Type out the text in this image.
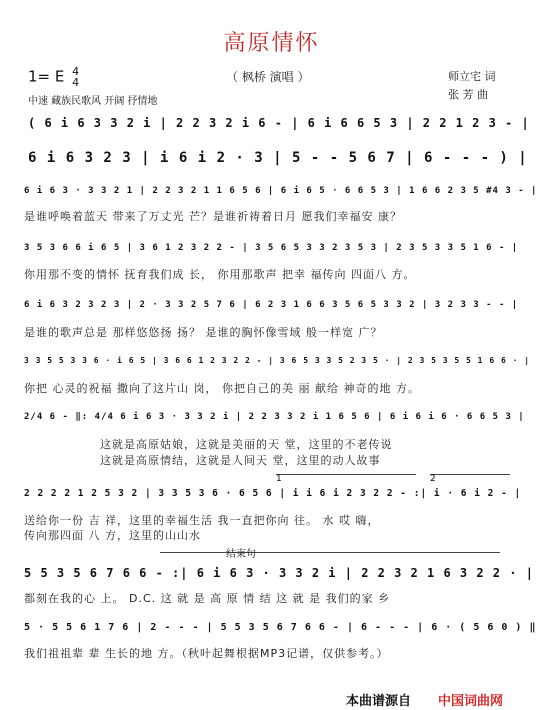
高原情怀
（ 枫桥 演唱 ）
1= E 4
4
中速 藏族民歌风 开阔 抒情地
师立宅 词
张 芳 曲
( 6 i 6 3 3 2 i | 2 2 3 2 i 6 - | 6 i 6 6 5 3 | 2 2 1 2 3 - |
6 i 6 3 2 3 | i 6 i 2 · 3 | 5 - - 5 6 7 | 6 - - - ) |
6 i 6 3 · 3 3 2 1 | 2 2 3 2 1 1 6 5 6 | 6 i 6 5 · 6 6 5 3 | 1 6 6 2 3 5 #4 3 - |
是谁呼唤着蓝天 带来了万丈光 芒？是谁祈祷着日月 愿我们幸福安 康？
3 5 3 6 6 i 6 5 | 3 6 1 2 3 2 2 - | 3 5 6 5 3 3 2 3 5 3 | 2 3 5 3 3 5 1 6 - |
你用那不变的情怀 抚育我们成 长， 你用那歌声 把幸 福传向 四面八 方。
6 i 6 3 2 3 2 3 | 2 · 3 3 2 5 7 6 | 6 2 3 1 6 6 3 5 6 5 3 3 2 | 3 2 3 3 - - |
是谁的歌声总是 那样悠悠扬 扬？ 是谁的胸怀像雪域 般一样宽 广？
3 3 5 5 3 3 6 · i 6 5 | 3 6 6 1 2 3 2 2 - | 3 6 5 3 3 5 2 3 5 · | 2 3 5 3 5 5 1 6 6 · |
你把 心灵的祝福 撒向了这片山 岗， 你把自己的美 丽 献给 神奇的地 方。
2/4 6 - ‖: 4/4 6 i 6 3 · 3 3 2 i | 2 2 3 3 2 i 1 6 5 6 | 6 i 6 i 6 · 6 6 5 3 |
这就是高原姑娘，这就是美丽的天 堂，这里的不老传说
这就是高原情结，这就是人间天 堂，这里的动人故事
1	2
2 2 2 2 1 2 5 3 2 | 3 3 5 3 6 · 6 5 6 | i i 6 i 2 3 2 2 - :| i · 6 i 2 - |
送给你一份 吉 祥，这里的幸福生活 我一直把你向 往。 水 哎 嗨，
传向那四面 八 方，这里的山山水
结束句
5 5 3 5 6 7 6 6 - :| 6 i 6 3 · 3 3 2 i | 2 2 3 2 1 6 3 2 2 · |
都刻在我的心 上。 D.C. 这 就 是 高 原 情 结 这 就 是 我们的家 乡
5 · 5 5 6 1 7 6 | 2 - - - | 5 5 3 5 6 7 6 6 - | 6 - - - | 6 · ( 5 6 0 ) ‖
我们祖祖辈 辈 生长的地 方。（秋叶起舞根据MP3记谱，仅供参考。）
本曲谱源自 中国词曲网
